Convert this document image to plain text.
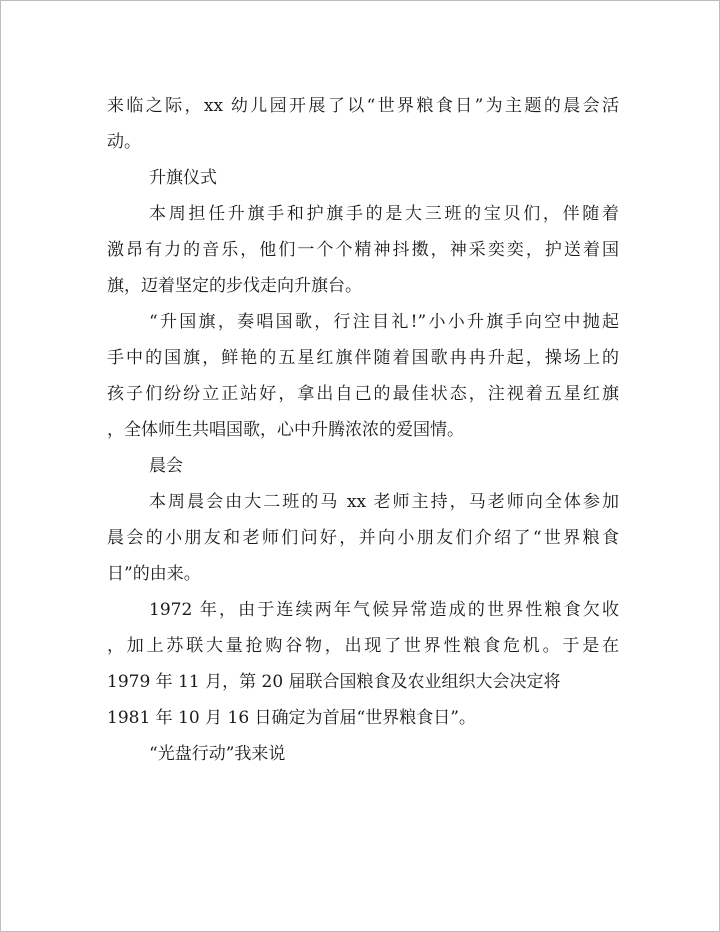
来临之际，xx 幼儿园开展了以“世界粮食日”为主题的晨会活
动。
升旗仪式
本周担任升旗手和护旗手的是大三班的宝贝们，伴随着
激昂有力的音乐，他们一个个精神抖擞，神采奕奕，护送着国
旗，迈着坚定的步伐走向升旗台。
“升国旗，奏唱国歌，行注目礼!”小小升旗手向空中抛起
手中的国旗，鲜艳的五星红旗伴随着国歌冉冉升起，操场上的
孩子们纷纷立正站好，拿出自己的最佳状态，注视着五星红旗
，全体师生共唱国歌，心中升腾浓浓的爱国情。
晨会
本周晨会由大二班的马 xx 老师主持，马老师向全体参加
晨会的小朋友和老师们问好，并向小朋友们介绍了“世界粮食
日”的由来。
1972 年，由于连续两年气候异常造成的世界性粮食欠收
，加上苏联大量抢购谷物，出现了世界性粮食危机。于是在
1979 年 11 月，第 20 届联合国粮食及农业组织大会决定将
1981 年 10 月 16 日确定为首届“世界粮食日”。
“光盘行动”我来说
